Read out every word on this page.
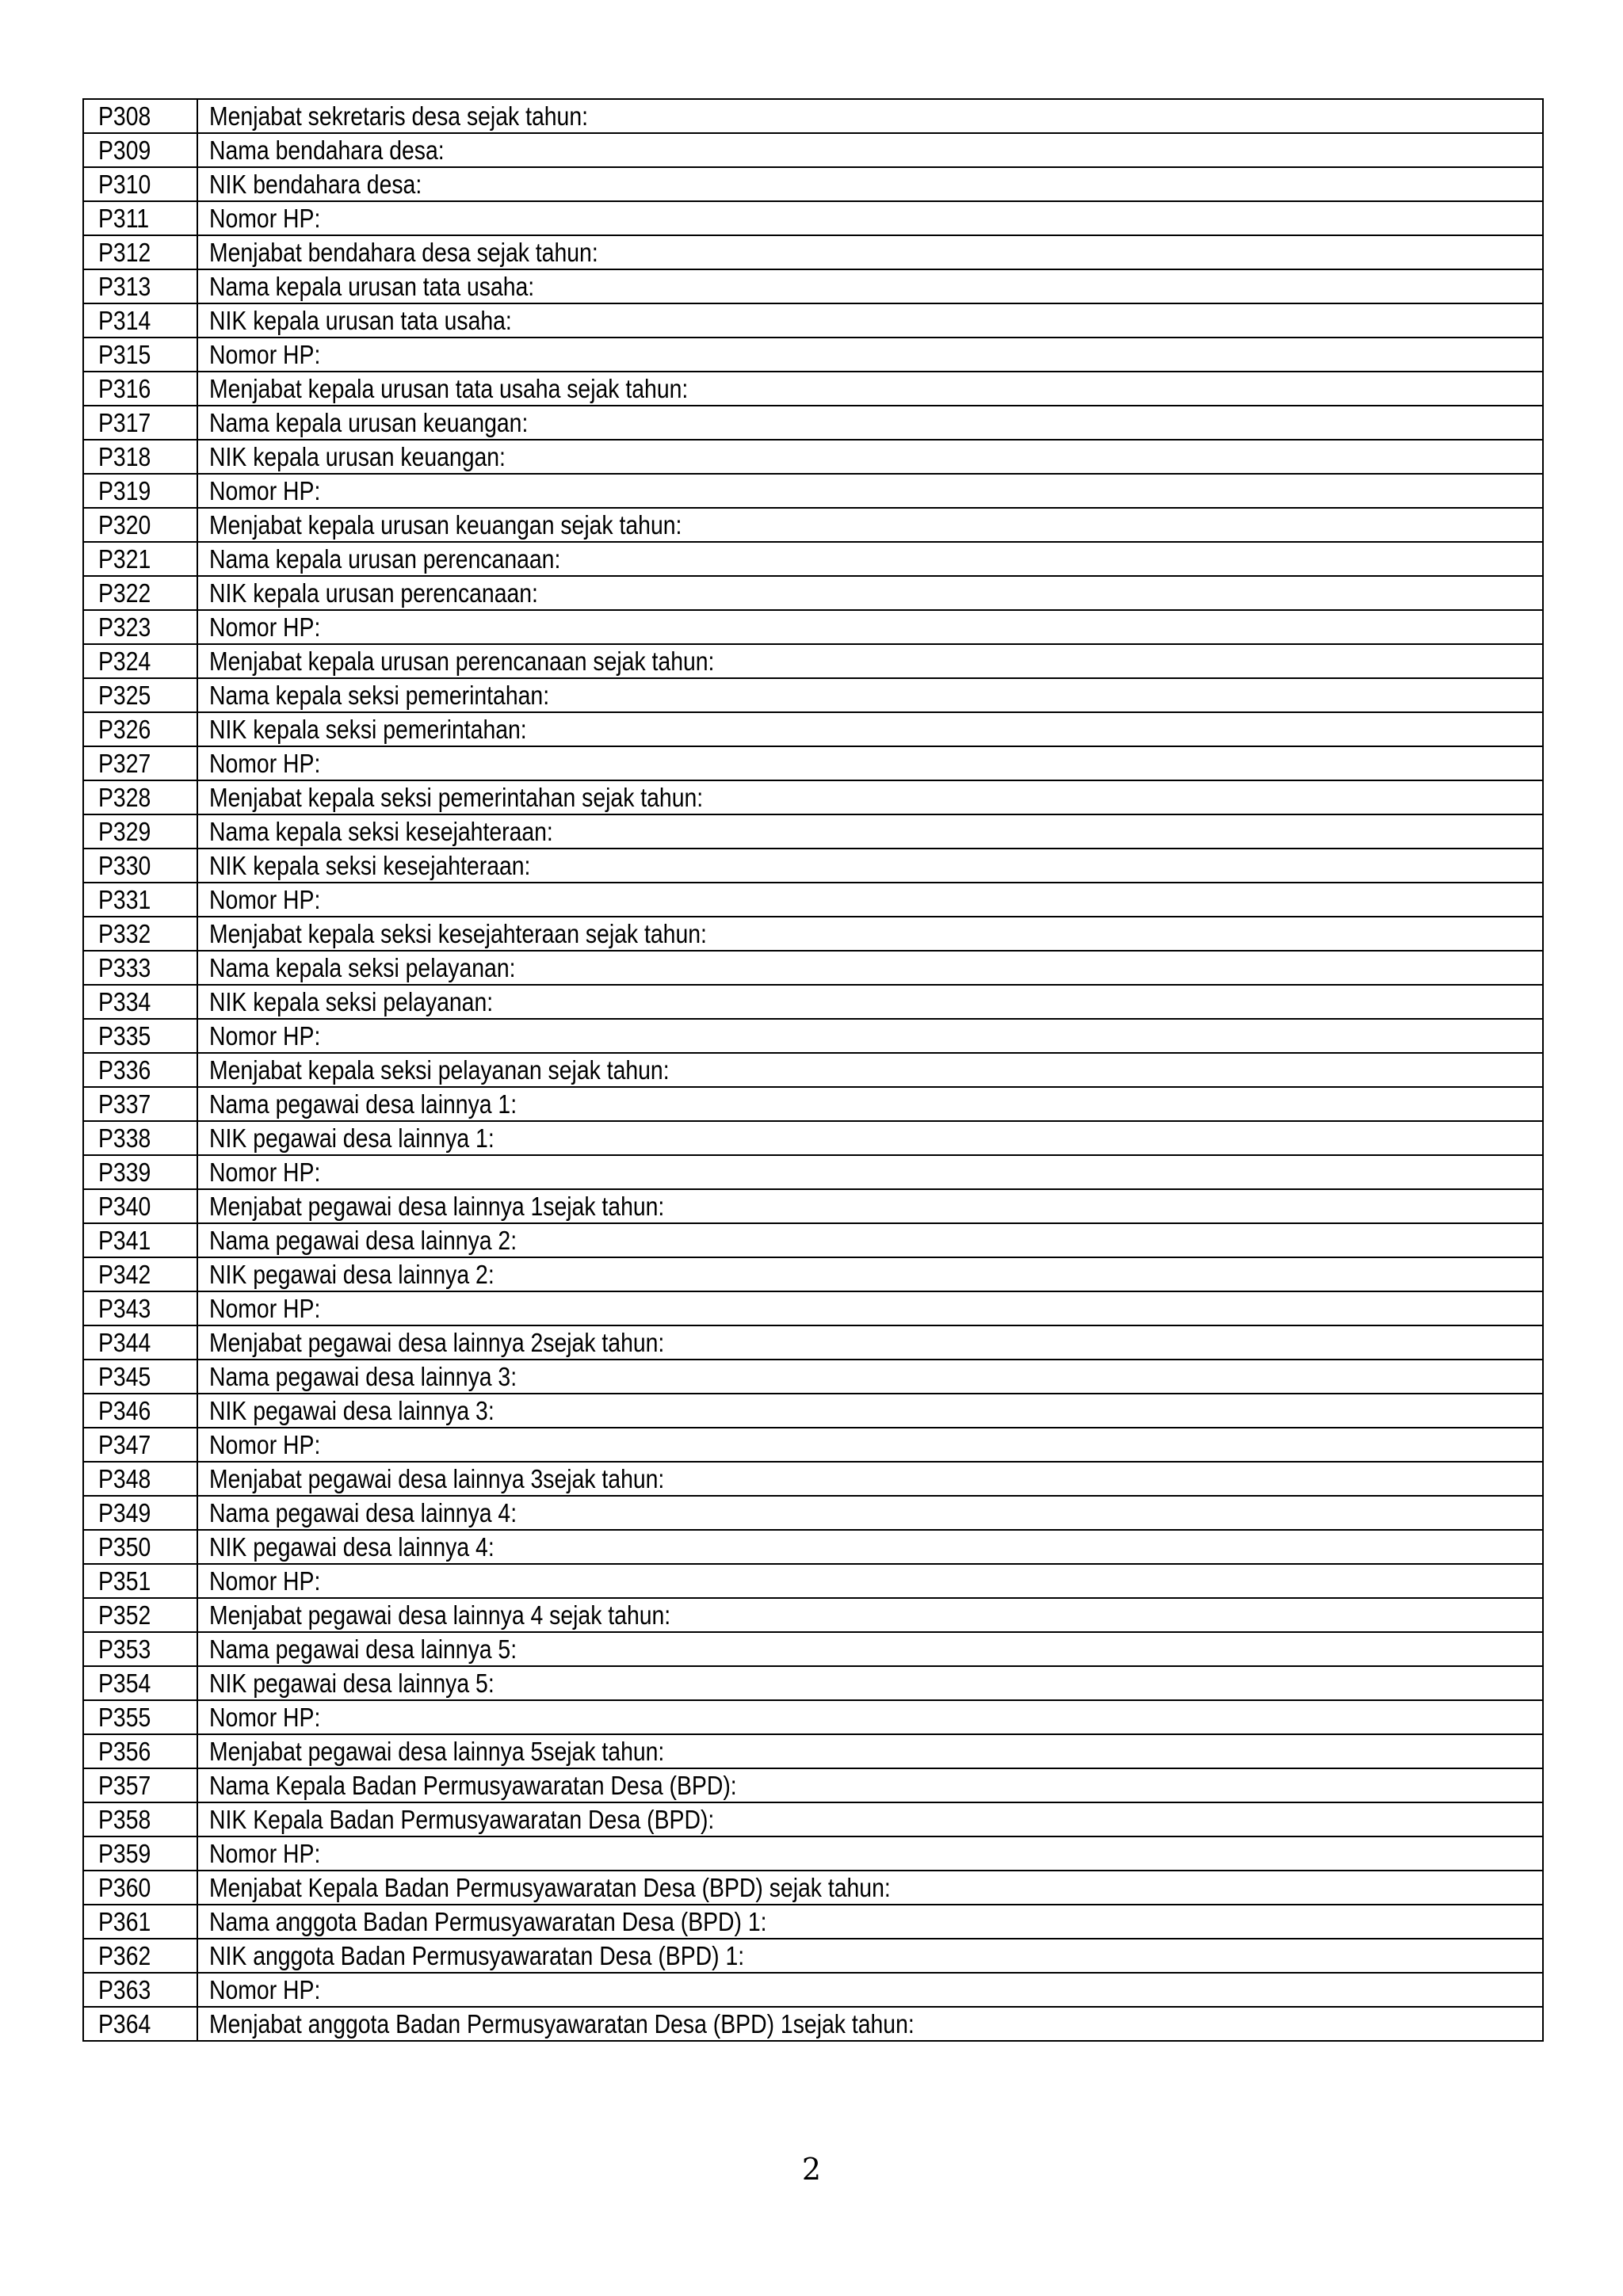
P308	Menjabat sekretaris desa sejak tahun:
P309	Nama bendahara desa:
P310	NIK bendahara desa:
P311	Nomor HP:
P312	Menjabat bendahara desa sejak tahun:
P313	Nama kepala urusan tata usaha:
P314	NIK kepala urusan tata usaha:
P315	Nomor HP:
P316	Menjabat kepala urusan tata usaha sejak tahun:
P317	Nama kepala urusan keuangan:
P318	NIK kepala urusan keuangan:
P319	Nomor HP:
P320	Menjabat kepala urusan keuangan sejak tahun:
P321	Nama kepala urusan perencanaan:
P322	NIK kepala urusan perencanaan:
P323	Nomor HP:
P324	Menjabat kepala urusan perencanaan sejak tahun:
P325	Nama kepala seksi pemerintahan:
P326	NIK kepala seksi pemerintahan:
P327	Nomor HP:
P328	Menjabat kepala seksi pemerintahan sejak tahun:
P329	Nama kepala seksi kesejahteraan:
P330	NIK kepala seksi kesejahteraan:
P331	Nomor HP:
P332	Menjabat kepala seksi kesejahteraan sejak tahun:
P333	Nama kepala seksi pelayanan:
P334	NIK kepala seksi pelayanan:
P335	Nomor HP:
P336	Menjabat kepala seksi pelayanan sejak tahun:
P337	Nama pegawai desa lainnya 1:
P338	NIK pegawai desa lainnya 1:
P339	Nomor HP:
P340	Menjabat pegawai desa lainnya 1sejak tahun:
P341	Nama pegawai desa lainnya 2:
P342	NIK pegawai desa lainnya 2:
P343	Nomor HP:
P344	Menjabat pegawai desa lainnya 2sejak tahun:
P345	Nama pegawai desa lainnya 3:
P346	NIK pegawai desa lainnya 3:
P347	Nomor HP:
P348	Menjabat pegawai desa lainnya 3sejak tahun:
P349	Nama pegawai desa lainnya 4:
P350	NIK pegawai desa lainnya 4:
P351	Nomor HP:
P352	Menjabat pegawai desa lainnya 4 sejak tahun:
P353	Nama pegawai desa lainnya 5:
P354	NIK pegawai desa lainnya 5:
P355	Nomor HP:
P356	Menjabat pegawai desa lainnya 5sejak tahun:
P357	Nama Kepala Badan Permusyawaratan Desa (BPD):
P358	NIK Kepala Badan Permusyawaratan Desa (BPD):
P359	Nomor HP:
P360	Menjabat Kepala Badan Permusyawaratan Desa (BPD) sejak tahun:
P361	Nama anggota Badan Permusyawaratan Desa (BPD) 1:
P362	NIK anggota Badan Permusyawaratan Desa (BPD) 1:
P363	Nomor HP:
P364	Menjabat anggota Badan Permusyawaratan Desa (BPD) 1sejak tahun:
2
